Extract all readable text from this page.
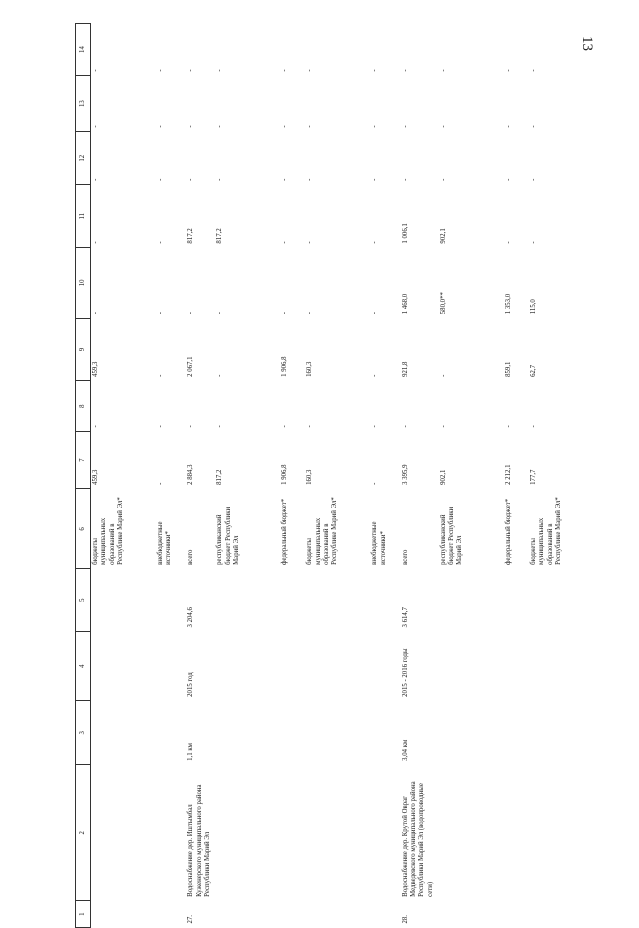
13
1	2	3	4	5	6	7	8	9	10	11	12	13	14
					бюджеты муниципальных образований в Республике Марий Эл*	459,3	-	459,3	-	-	-	-	-
					внебюджетные источники*	-	-	-	-	-	-	-	-
27.	Водоснабжение дер. Иштымбал Куженерского муниципального района Республики Марий Эл	1,1 км	2015 год	3 204,6	всего	2 884,3	-	2 067,1	-	817,2	-	-	-
					республиканский бюджет Республики Марий Эл	817,2	-	-	-	817,2	-	-	-
					федеральный бюджет*	1 906,8	-	1 906,8	-	-	-	-	-
					бюджеты муниципальных образований в Республике Марий Эл*	160,3	-	160,3	-	-	-	-	-
					внебюджетные источники*	-	-	-	-	-	-	-	-
28.	Водоснабжение дер. Крутой Овраг Медведевского муниципального района Республики Марий Эл (водопроводные сети)	3,04 км	2015 - 2016 годы	3 614,7	всего	3 395,9	-	921,8	1 468,0	1 006,1	-	-	-
					республиканский бюджет Республики Марий Эл	902,1	-	-	580,0**	902,1	-	-	-
					федеральный бюджет*	2 212,1	-	859,1	1 353,0	-	-	-	-
					бюджеты муниципальных образований в Республике Марий Эл*	177,7	-	62,7	115,0	-	-	-	-
